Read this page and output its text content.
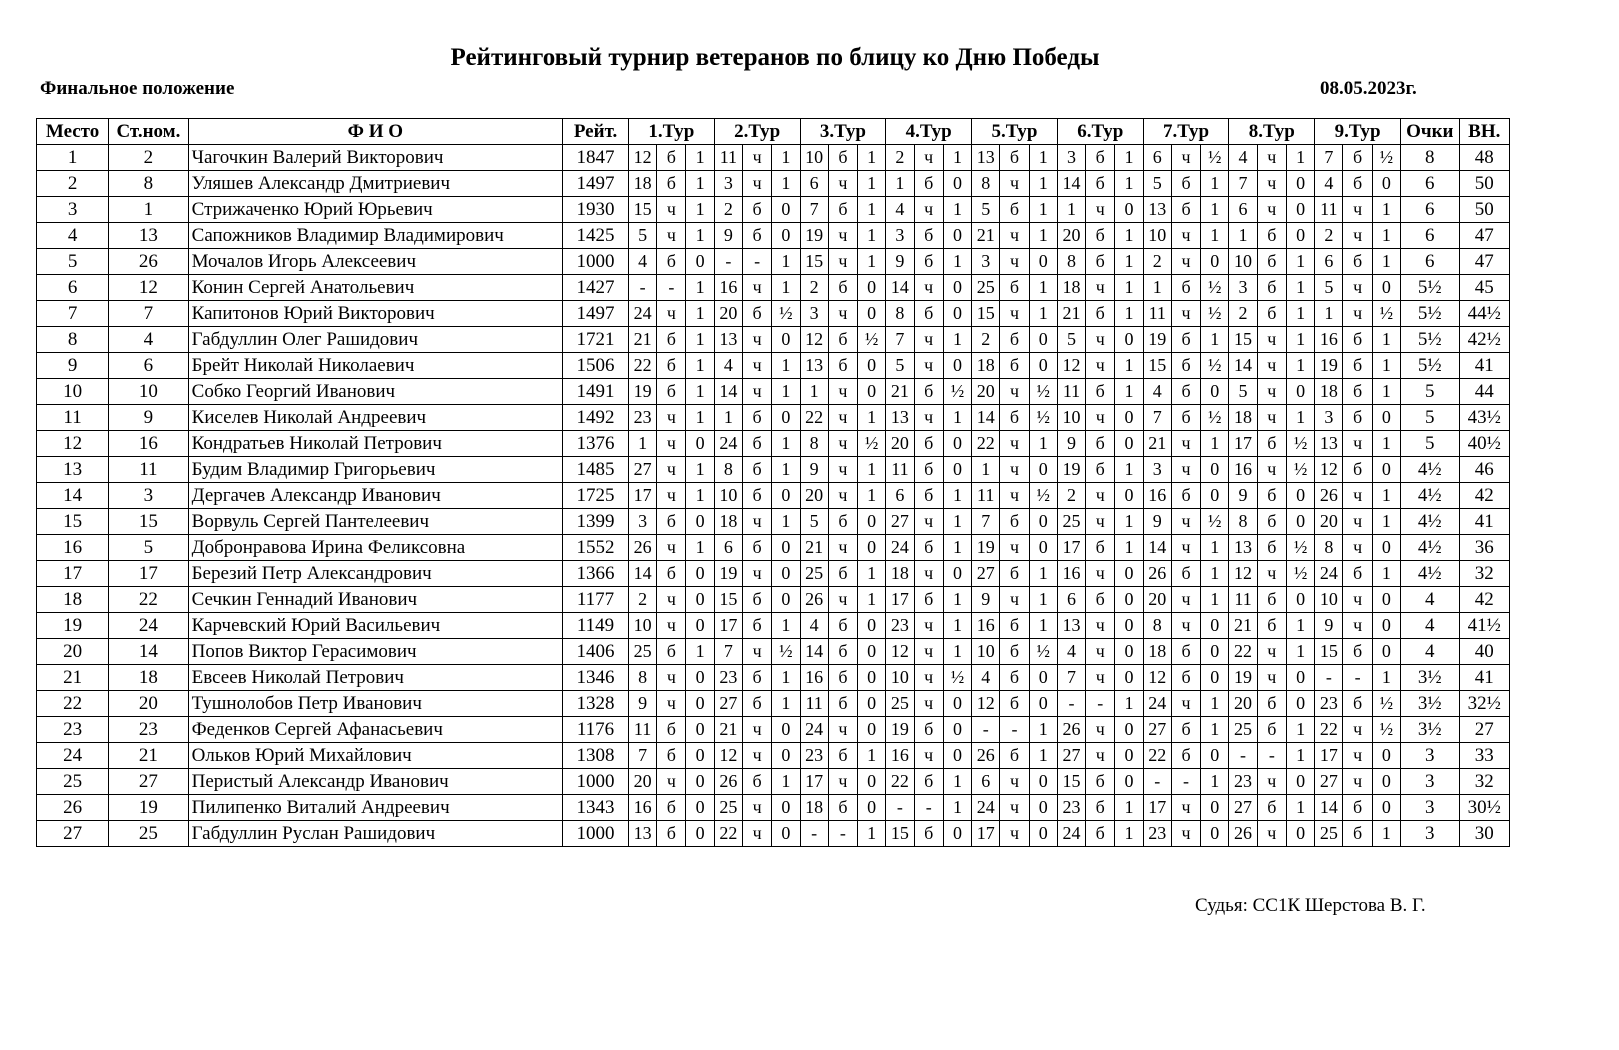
Рейтинговый турнир ветеранов по блицу ко Дню Победы
Финальное положение	08.05.2023г.
Место	Ст.ном.	Ф И О	Рейт.	1.Тур			2.Тур			3.Тур			4.Тур			5.Тур			6.Тур			7.Тур			8.Тур			9.Тур			Очки	ВН.
1	2	Чагочкин Валерий Викторович	1847	12	б	1	11	ч	1	10	б	1	2	ч	1	13	б	1	3	б	1	6	ч	½	4	ч	1	7	б	½	8	48
2	8	Уляшев Александр Дмитриевич	1497	18	б	1	3	ч	1	6	ч	1	1	б	0	8	ч	1	14	б	1	5	б	1	7	ч	0	4	б	0	6	50
3	1	Стрижаченко Юрий Юрьевич	1930	15	ч	1	2	б	0	7	б	1	4	ч	1	5	б	1	1	ч	0	13	б	1	6	ч	0	11	ч	1	6	50
4	13	Сапожников Владимир Владимирович	1425	5	ч	1	9	б	0	19	ч	1	3	б	0	21	ч	1	20	б	1	10	ч	1	1	б	0	2	ч	1	6	47
5	26	Мочалов Игорь Алексеевич	1000	4	б	0	-	-	1	15	ч	1	9	б	1	3	ч	0	8	б	1	2	ч	0	10	б	1	6	б	1	6	47
6	12	Конин Сергей Анатольевич	1427	-	-	1	16	ч	1	2	б	0	14	ч	0	25	б	1	18	ч	1	1	б	½	3	б	1	5	ч	0	5½	45
7	7	Капитонов Юрий Викторович	1497	24	ч	1	20	б	½	3	ч	0	8	б	0	15	ч	1	21	б	1	11	ч	½	2	б	1	1	ч	½	5½	44½
8	4	Габдуллин Олег Рашидович	1721	21	б	1	13	ч	0	12	б	½	7	ч	1	2	б	0	5	ч	0	19	б	1	15	ч	1	16	б	1	5½	42½
9	6	Брейт Николай Николаевич	1506	22	б	1	4	ч	1	13	б	0	5	ч	0	18	б	0	12	ч	1	15	б	½	14	ч	1	19	б	1	5½	41
10	10	Собко Георгий Иванович	1491	19	б	1	14	ч	1	1	ч	0	21	б	½	20	ч	½	11	б	1	4	б	0	5	ч	0	18	б	1	5	44
11	9	Киселев Николай Андреевич	1492	23	ч	1	1	б	0	22	ч	1	13	ч	1	14	б	½	10	ч	0	7	б	½	18	ч	1	3	б	0	5	43½
12	16	Кондратьев Николай Петрович	1376	1	ч	0	24	б	1	8	ч	½	20	б	0	22	ч	1	9	б	0	21	ч	1	17	б	½	13	ч	1	5	40½
13	11	Будим Владимир Григорьевич	1485	27	ч	1	8	б	1	9	ч	1	11	б	0	1	ч	0	19	б	1	3	ч	0	16	ч	½	12	б	0	4½	46
14	3	Дергачев Александр Иванович	1725	17	ч	1	10	б	0	20	ч	1	6	б	1	11	ч	½	2	ч	0	16	б	0	9	б	0	26	ч	1	4½	42
15	15	Ворвуль Сергей Пантелеевич	1399	3	б	0	18	ч	1	5	б	0	27	ч	1	7	б	0	25	ч	1	9	ч	½	8	б	0	20	ч	1	4½	41
16	5	Добронравова Ирина Феликсовна	1552	26	ч	1	6	б	0	21	ч	0	24	б	1	19	ч	0	17	б	1	14	ч	1	13	б	½	8	ч	0	4½	36
17	17	Березий Петр Александрович	1366	14	б	0	19	ч	0	25	б	1	18	ч	0	27	б	1	16	ч	0	26	б	1	12	ч	½	24	б	1	4½	32
18	22	Сечкин Геннадий Иванович	1177	2	ч	0	15	б	0	26	ч	1	17	б	1	9	ч	1	6	б	0	20	ч	1	11	б	0	10	ч	0	4	42
19	24	Карчевский Юрий Васильевич	1149	10	ч	0	17	б	1	4	б	0	23	ч	1	16	б	1	13	ч	0	8	ч	0	21	б	1	9	ч	0	4	41½
20	14	Попов Виктор Герасимович	1406	25	б	1	7	ч	½	14	б	0	12	ч	1	10	б	½	4	ч	0	18	б	0	22	ч	1	15	б	0	4	40
21	18	Евсеев Николай Петрович	1346	8	ч	0	23	б	1	16	б	0	10	ч	½	4	б	0	7	ч	0	12	б	0	19	ч	0	-	-	1	3½	41
22	20	Тушнолобов Петр Иванович	1328	9	ч	0	27	б	1	11	б	0	25	ч	0	12	б	0	-	-	1	24	ч	1	20	б	0	23	б	½	3½	32½
23	23	Феденков Сергей Афанасьевич	1176	11	б	0	21	ч	0	24	ч	0	19	б	0	-	-	1	26	ч	0	27	б	1	25	б	1	22	ч	½	3½	27
24	21	Ольков Юрий Михайлович	1308	7	б	0	12	ч	0	23	б	1	16	ч	0	26	б	1	27	ч	0	22	б	0	-	-	1	17	ч	0	3	33
25	27	Перистый Александр Иванович	1000	20	ч	0	26	б	1	17	ч	0	22	б	1	6	ч	0	15	б	0	-	-	1	23	ч	0	27	ч	0	3	32
26	19	Пилипенко Виталий Андреевич	1343	16	б	0	25	ч	0	18	б	0	-	-	1	24	ч	0	23	б	1	17	ч	0	27	б	1	14	б	0	3	30½
27	25	Габдуллин Руслан Рашидович	1000	13	б	0	22	ч	0	-	-	1	15	б	0	17	ч	0	24	б	1	23	ч	0	26	ч	0	25	б	1	3	30
Судья: СС1К Шерстова В. Г.
